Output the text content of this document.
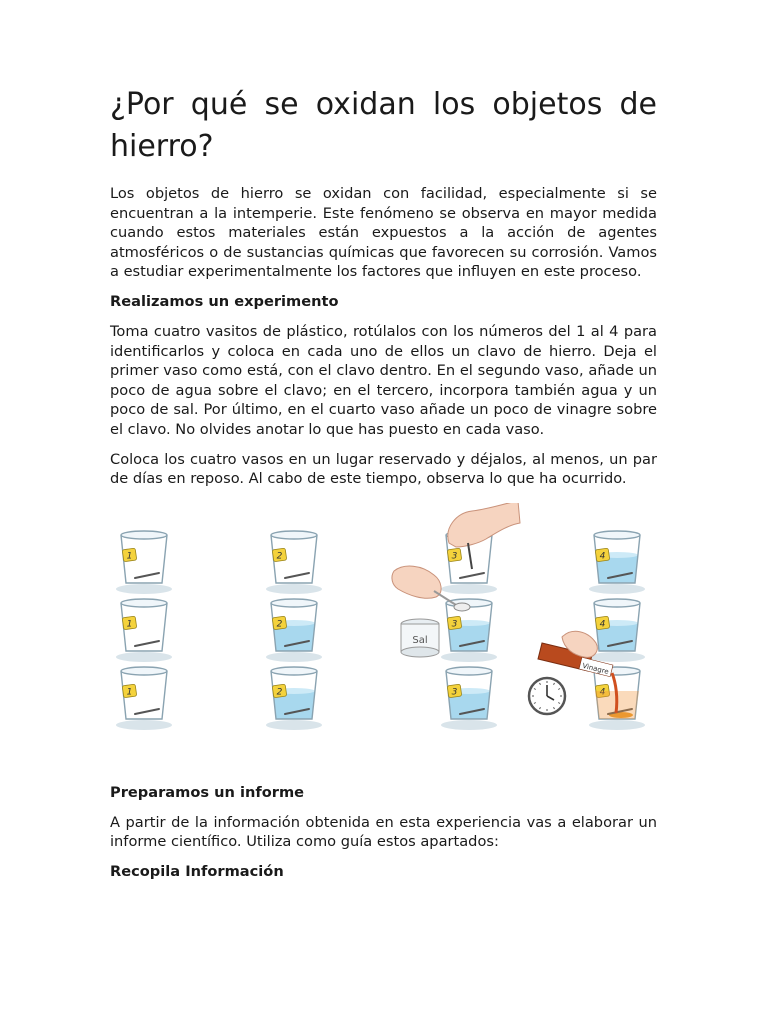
¿Por qué se oxidan los objetos de hierro?

Los objetos de hierro se oxidan con facilidad, especialmente si se encuentran a la intemperie. Este fenómeno se observa en mayor medida cuando estos materiales están expuestos a la acción de agentes atmosféricos o de sustancias químicas que favorecen su corrosión. Vamos a estudiar experimentalmente los factores que influyen en este proceso.

Realizamos un experimento

Toma cuatro vasitos de plástico, rotúlalos con los números del 1 al 4 para identificarlos y coloca en cada uno de ellos un clavo de hierro. Deja el primer vaso como está, con el clavo dentro. En el segundo vaso, añade un poco de agua sobre el clavo; en el tercero, incorpora también agua y un poco de sal. Por último, en el cuarto vaso añade un poco de vinagre sobre el clavo. No olvides anotar lo que has puesto en cada vaso.

Coloca los cuatro vasos en un lugar reservado y déjalos, al menos, un par de días en reposo. Al cabo de este tiempo, observa lo que ha ocurrido.

1
1
1
2
2
2
3
3
3
4
4
Sal
Vinagre
Preparamos un informe

A partir de la información obtenida en esta experiencia vas a elaborar un informe científico. Utiliza como guía estos apartados:

Recopila Información
